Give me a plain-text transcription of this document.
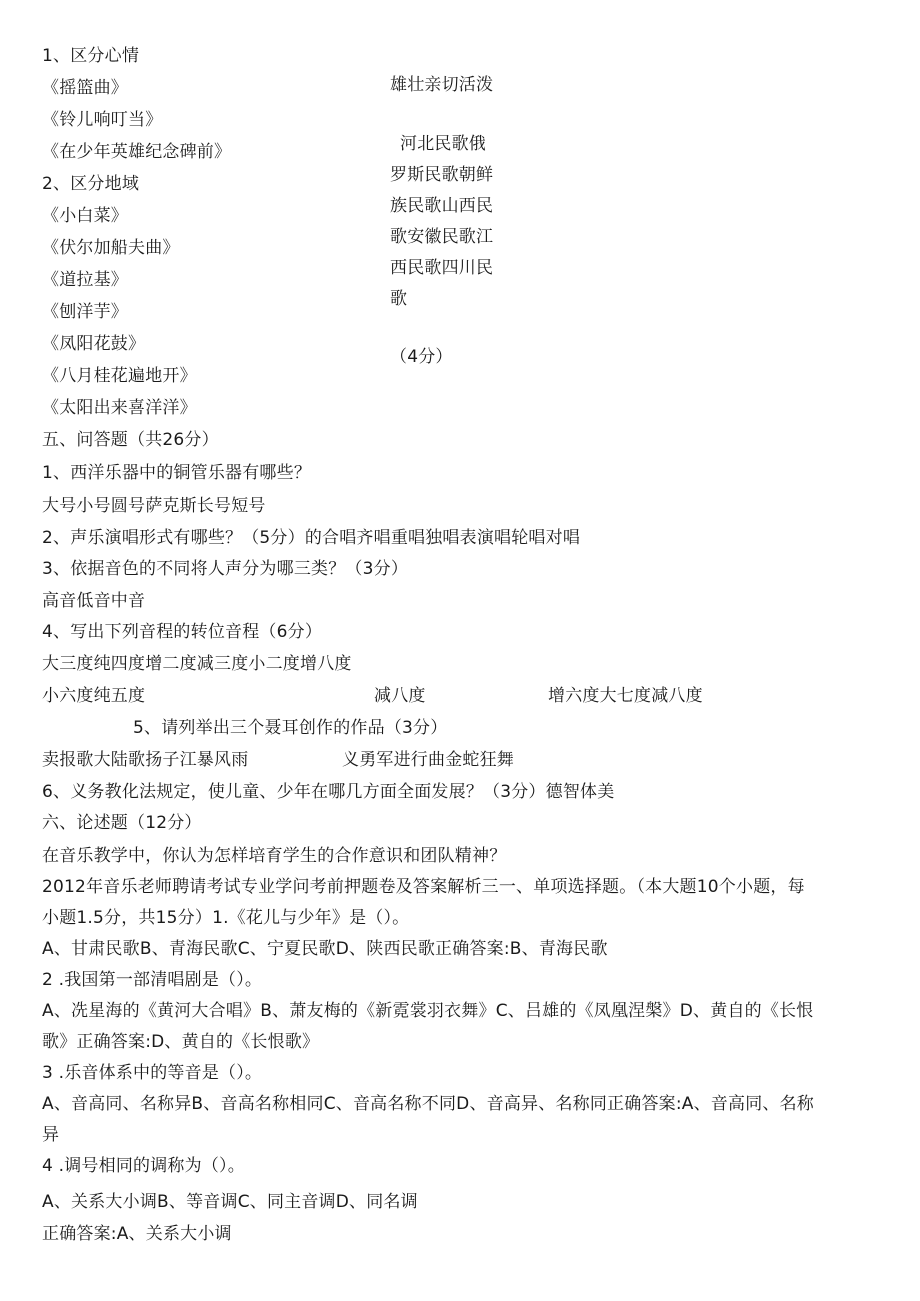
1、区分心情
《摇篮曲》
《铃儿响叮当》
《在少年英雄纪念碑前》
2、区分地域
《小白菜》
《伏尔加船夫曲》
《道拉基》
《刨洋芋》
《凤阳花鼓》
《八月桂花遍地开》
《太阳出来喜洋洋》
雄壮亲切活泼
河北民歌俄
罗斯民歌朝鲜
族民歌山西民
歌安徽民歌江
西民歌四川民
歌
（4分）
五、问答题（共26分）
1、西洋乐器中的铜管乐器有哪些？
大号小号圆号萨克斯长号短号
2、声乐演唱形式有哪些？（5分）的合唱齐唱重唱独唱表演唱轮唱对唱
3、依据音色的不同将人声分为哪三类？（3分）
高音低音中音
4、写出下列音程的转位音程（6分）
大三度纯四度增二度减三度小二度增八度
小六度纯五度	减八度	增六度大七度减八度
5、请列举出三个聂耳创作的作品（3分）
卖报歌大陆歌扬子江暴风雨	义勇军进行曲金蛇狂舞
6、义务教化法规定，使儿童、少年在哪几方面全面发展？（3分）德智体美
六、论述题（12分）
在音乐教学中，你认为怎样培育学生的合作意识和团队精神？
2012年音乐老师聘请考试专业学问考前押题卷及答案解析三一、单项选择题。（本大题10个小题，每
小题1.5分，共15分）1.《花儿与少年》是（）。
A、甘肃民歌B、青海民歌C、宁夏民歌D、陕西民歌正确答案:B、青海民歌
2 .我国第一部清唱剧是（）。
A、冼星海的《黄河大合唱》B、萧友梅的《新霓裳羽衣舞》C、吕雄的《凤凰涅槃》D、黄自的《长恨
歌》正确答案:D、黄自的《长恨歌》
3 .乐音体系中的等音是（）。
A、音高同、名称异B、音高名称相同C、音高名称不同D、音高异、名称同正确答案:A、音高同、名称
异
4 .调号相同的调称为（）。
A、关系大小调B、等音调C、同主音调D、同名调
正确答案:A、关系大小调
